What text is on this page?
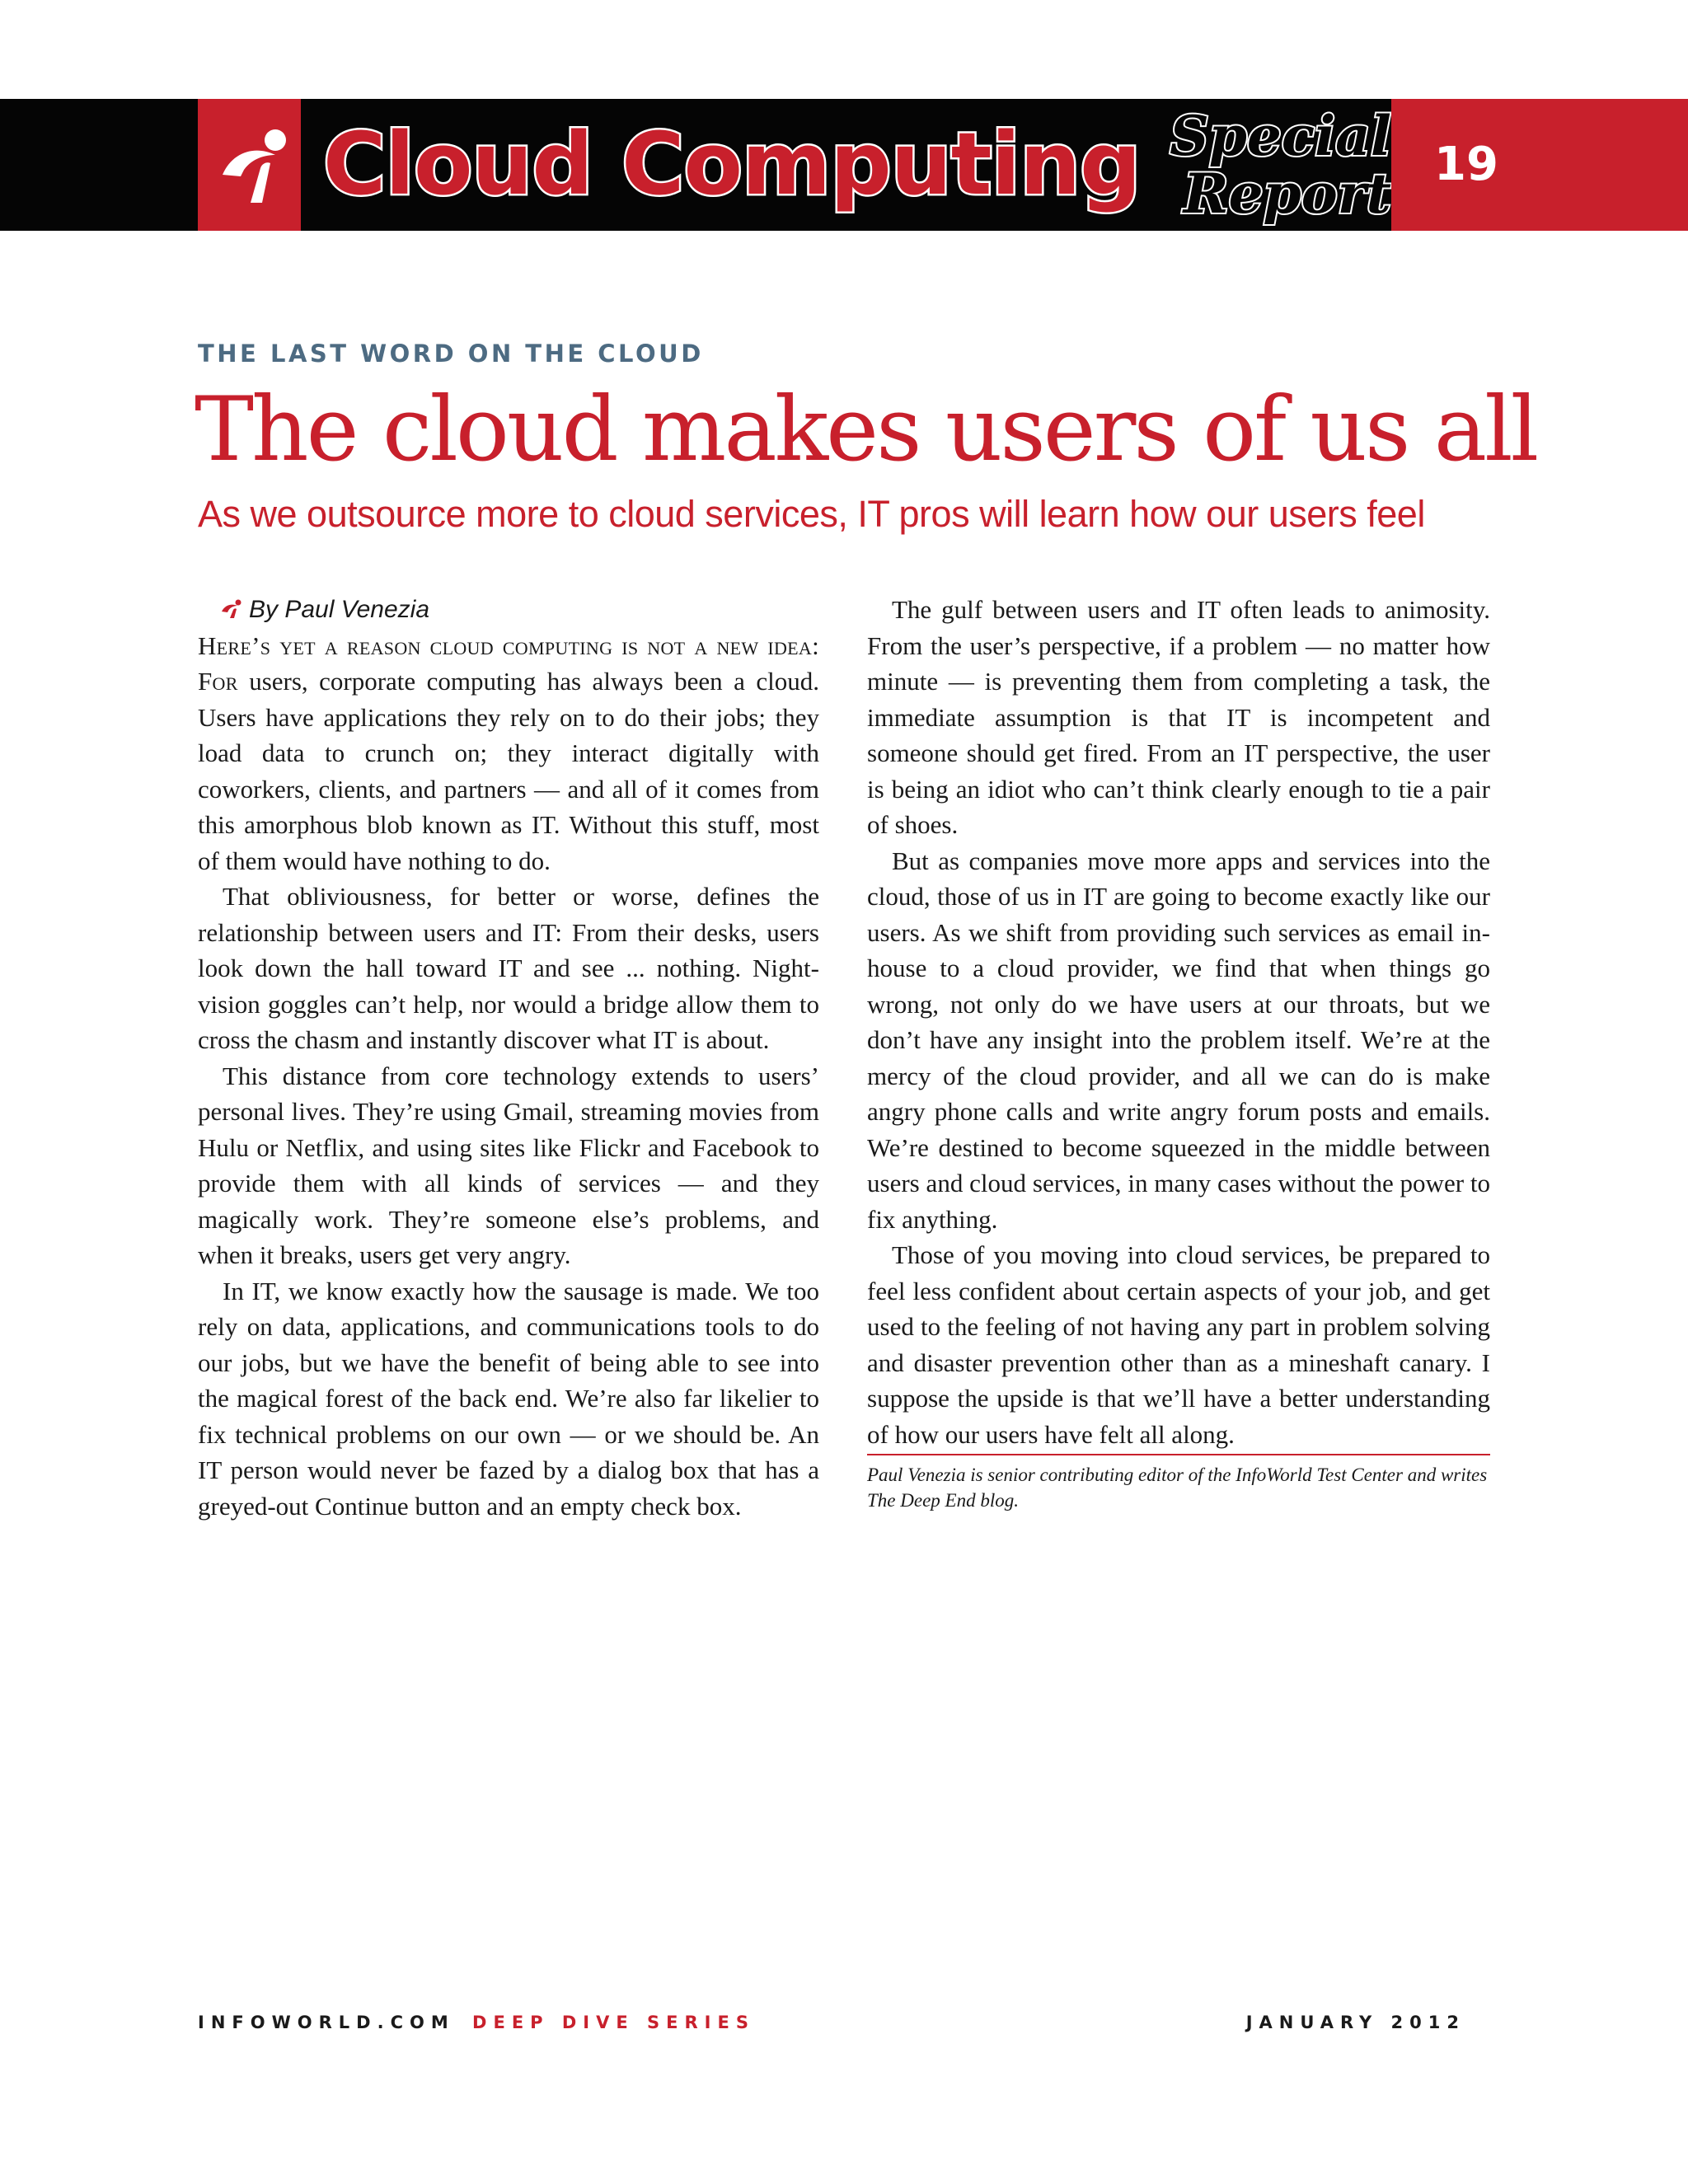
Cloud Computing Special
Report 19
THE LAST WORD ON THE CLOUD
The cloud makes users of us all
As we outsource more to cloud services, IT pros will learn how our users feel
By Paul Venezia

Here’s yet a reason cloud computing is not a new idea: For users, corporate computing has always been a cloud. Users have applications they rely on to do their jobs; they load data to crunch on; they interact digitally with coworkers, clients, and partners — and all of it comes from this amorphous blob known as IT. Without this stuff, most of them would have nothing to do.

That obliviousness, for better or worse, defines the relationship between users and IT: From their desks, users look down the hall toward IT and see ... nothing. Night-vision goggles can’t help, nor would a bridge allow them to cross the chasm and instantly discover what IT is about.

This distance from core technology extends to users’ personal lives. They’re using Gmail, streaming movies from Hulu or Netflix, and using sites like Flickr and Facebook to provide them with all kinds of services — and they magically work. They’re someone else’s problems, and when it breaks, users get very angry.

In IT, we know exactly how the sausage is made. We too rely on data, applications, and communications tools to do our jobs, but we have the benefit of being able to see into the magical forest of the back end. We’re also far likelier to fix technical problems on our own — or we should be. An IT person would never be fazed by a dialog box that has a greyed-out Continue button and an empty check box.

The gulf between users and IT often leads to animosity. From the user’s perspective, if a problem — no matter how minute — is preventing them from completing a task, the immediate assumption is that IT is incompetent and someone should get fired. From an IT perspective, the user is being an idiot who can’t think clearly enough to tie a pair of shoes.

But as companies move more apps and services into the cloud, those of us in IT are going to become exactly like our users. As we shift from providing such services as email in-house to a cloud provider, we find that when things go wrong, not only do we have users at our throats, but we don’t have any insight into the problem itself. We’re at the mercy of the cloud provider, and all we can do is make angry phone calls and write angry forum posts and emails. We’re destined to become squeezed in the middle between users and cloud services, in many cases without the power to fix anything.

Those of you moving into cloud services, be prepared to feel less confident about certain aspects of your job, and get used to the feeling of not having any part in problem solving and disaster prevention other than as a mineshaft canary. I suppose the upside is that we’ll have a better understanding of how our users have felt all along.

Paul Venezia is senior contributing editor of the InfoWorld Test Center and writes The Deep End blog.
INFOWORLD.COM DEEP DIVE SERIES	JANUARY 2012
